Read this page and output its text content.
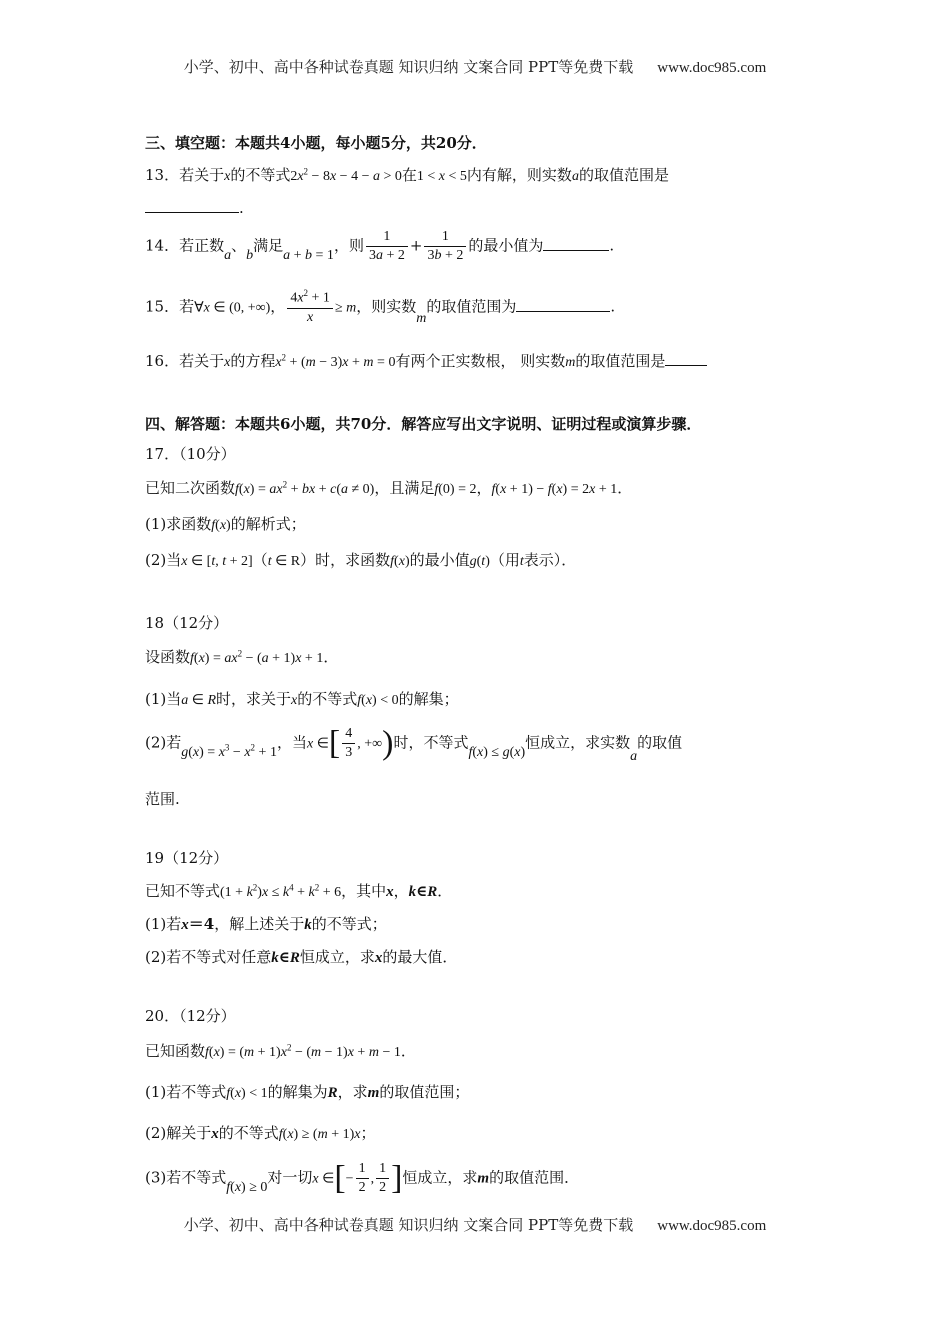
小学、初中、高中各种试卷真题 知识归纳 文案合同 PPT等免费下载 www.doc985.com
三、填空题：本题共4小题，每小题5分，共20分．
13．若关于x的不等式$2x^2 - 8x - 4 - a > 0$在1 < x < 5内有解，则实数a的取值范围是
.
14．若正数a、b满足a + b = 1，则 $\frac{1}{3a + 2} + \frac{1}{3b + 2}$ 的最小值为	.
15．若∀x ∈ (0, +∞)， $\frac{4x^2 + 1}{x} \ge m$，则实数m的取值范围为	.
16．若关于x的方程$x^2 + (m - 3)x + m = 0$有两个正实数根， 则实数m的取值范围是
四、解答题：本题共6小题，共70分．解答应写出文字说明、证明过程或演算步骤．
17．（10分）
已知二次函数$f(x) = ax^2$ + bx + c(a ≠ 0)，且满足f(0) = 2，f(x + 1) − f(x) = 2x + 1．
(1)求函数f(x)的解析式；
(2)当x ∈ [t, t + 2]（t ∈ R）时，求函数f(x)的最小值g(t)（用t表示）．
18（12分）
设函数$f(x) = ax^2 - (a + 1)x + 1$．
(1)当a ∈ R时，求关于x的不等式f(x) < 0的解集；
(2)若$g(x) = x^3 - x^2 + 1$，当x ∈[ $\frac{4}{3}$ , +∞)时，不等式f(x) ≤ g(x)恒成立，求实数a的取值
范围.
19（12分）
已知不等式$(1 + k^2)x \le k^4 + k^2 + 6$，其中x，k∈R．
(1)若x＝4，解上述关于k的不等式；
(2)若不等式对任意k∈R恒成立，求x的最大值．
20．（12分）
已知函数$f(x) = (m + 1)x^2 - (m - 1)x + m - 1$．
(1)若不等式f(x) < 1的解集为R，求m的取值范围；
(2)解关于x的不等式f(x) ≥ (m + 1)x；
(3)若不等式f(x) ≥ 0对一切x ∈[− $\frac{1}{2}$ , $\frac{1}{2}$ ]恒成立，求m的取值范围．
小学、初中、高中各种试卷真题 知识归纳 文案合同 PPT等免费下载 www.doc985.com
